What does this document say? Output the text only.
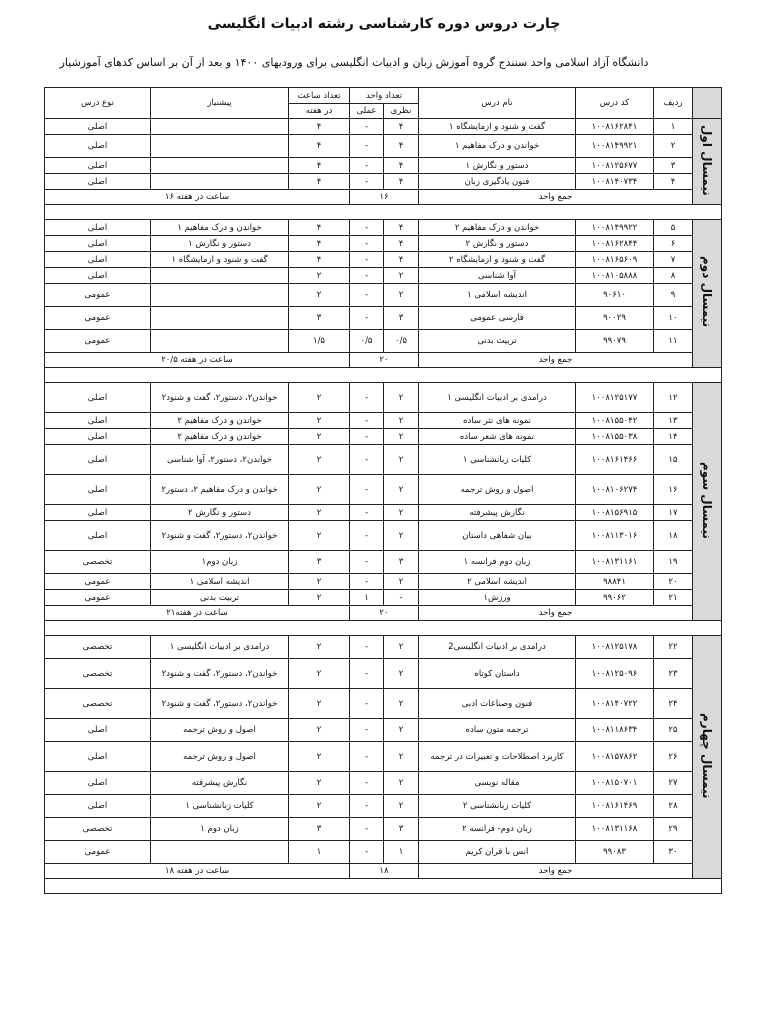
چارت دروس دوره کارشناسی رشته ادبیات انگلیسی
دانشگاه آزاد اسلامی واحد سنندج گروه آموزش زبان و ادبیات انگلیسی برای ورودیهای ۱۴۰۰ و بعد از آن بر اساس کدهای آموزشیار
	ردیف	کد درس	نام درس	تعداد واحد		تعداد ساعت	پیشنیاز	نوع درس
				نظری	عملی	در هفته		
نیمسال اول	۱	۱۰۰۸۱۶۲۸۴۱	گفت و شنود و ازمایشگاه ۱	۴	-	۴		اصلی
	۲	۱۰۰۸۱۴۹۹۲۱	خواندن و درک مفاهیم ۱	۴	-	۴		اصلی
	۳	۱۰۰۸۱۲۵۶۷۷	دستور و نگارش ۱	۴	-	۴		اصلی
	۴	۱۰۰۸۱۴۰۷۳۴	فنون یادگیری زبان	۴	-	۴		اصلی
	جمع واحد			۱۶		ساعت در هفته ۱۶		

نیمسال دوم	۵	۱۰۰۸۱۴۹۹۲۲	خواندن و درک مفاهیم ۲	۴	-	۴	خواندن و درک مفاهیم ۱	اصلی
	۶	۱۰۰۸۱۶۲۸۴۴	دستور و نگارش ۲	۴	-	۴	دستور و نگارش ۱	اصلی
	۷	۱۰۰۸۱۶۵۶۰۹	گفت و شنود و ازمایشگاه ۲	۴	-	۴	گفت و شنود و ازمایشگاه ۱	اصلی
	۸	۱۰۰۸۱۰۵۸۸۸	آوا شناسی	۲	-	۲		اصلی
	۹	۹۰۶۱۰	اندیشه اسلامی ۱	۲	-	۲		عمومی
	۱۰	۹۰۰۲۹	فارسی عمومی	۳	-	۳		عمومی
	۱۱	۹۹۰۷۹	تربیت بدنی	۰/۵	۰/۵	۱/۵		عمومی
	جمع واحد			۲۰		ساعت در هفته ۲۰/۵		

نیمسال سوم	۱۲	۱۰۰۸۱۲۵۱۷۷	درامدی بر ادبیات انگلیسی ۱	۲	-	۲	خواندن۲، دستور۲، گفت و شنود۲	اصلی
	۱۳	۱۰۰۸۱۵۵۰۴۲	نمونه های نثر ساده	۲	-	۲	خواندن و درک مفاهیم ۲	اصلی
	۱۴	۱۰۰۸۱۵۵۰۳۸	نمونه های شعر ساده	۲	-	۲	خواندن و درک مفاهیم ۲	اصلی
	۱۵	۱۰۰۸۱۶۱۴۶۶	کلیات زبانشناسی ۱	۲	-	۲	خواندن۲، دستور۲، آوا شناسی	اصلی
	۱۶	۱۰۰۸۱۰۶۲۷۴	اصول و روش ترجمه	۲	-	۲	خواندن و درک مفاهیم ۲، دستور۲	اصلی
	۱۷	۱۰۰۸۱۵۶۹۱۵	نگارش پیشرفته	۲	-	۲	دستور و نگارش ۲	اصلی
	۱۸	۱۰۰۸۱۱۳۰۱۶	بیان شفاهی داستان	۲	-	۲	خواندن۲، دستور۲، گفت و شنود۲	اصلی
	۱۹	۱۰۰۸۱۳۱۱۶۱	زبان دوم فرانسه ۱	۳	-	۳	زبان دوم۱	تخصصی
	۲۰	۹۸۸۴۱	اندیشه اسلامی ۲	۲	-	۲	اندیشه اسلامی ۱	عمومی
	۲۱	۹۹۰۶۲	ورزش۱	-	۱	۲	تربیت بدنی	عمومی
	جمع واحد			۲۰		ساعت در هفته۲۱		

نیمسال چهارم	۲۲	۱۰۰۸۱۲۵۱۷۸	درامدی بر ادبیات انگلیسی2	۲	-	۲	درامدی بر ادبیات انگلیسی ۱	تخصصی
	۲۳	۱۰۰۸۱۲۵۰۹۶	داستان کوتاه	۲	-	۲	خواندن۲، دستور۲، گفت و شنود۲	تخصصی
	۲۴	۱۰۰۸۱۴۰۷۲۲	فنون وصناعات ادبی	۲	-	۲	خواندن۲، دستور۲، گفت و شنود۲	تخصصی
	۲۵	۱۰۰۸۱۱۸۶۳۴	ترجمه متون ساده	۲	-	۲	اصول و روش ترجمه	اصلی
	۲۶	۱۰۰۸۱۵۷۸۶۲	کاربرد اصطلاحات و تعبیرات در ترجمه	۲	-	۲	اصول و روش ترجمه	اصلی
	۲۷	۱۰۰۸۱۵۰۷۰۱	مقاله نویسی	۲	-	۲	نگارش پیشرفته	اصلی
	۲۸	۱۰۰۸۱۶۱۴۶۹	کلیات زبانشناسی ۲	۲	-	۲	کلیات زبانشناسی ۱	اصلی
	۲۹	۱۰۰۸۱۳۱۱۶۸	زبان دوم- فرانسه ۲	۳	-	۳	زبان دوم ۱	تخصصی
	۳۰	۹۹۰۸۳	انس با قران کریم	۱	-	۱		عمومی
	جمع واحد			۱۸		ساعت در هفته ۱۸		
